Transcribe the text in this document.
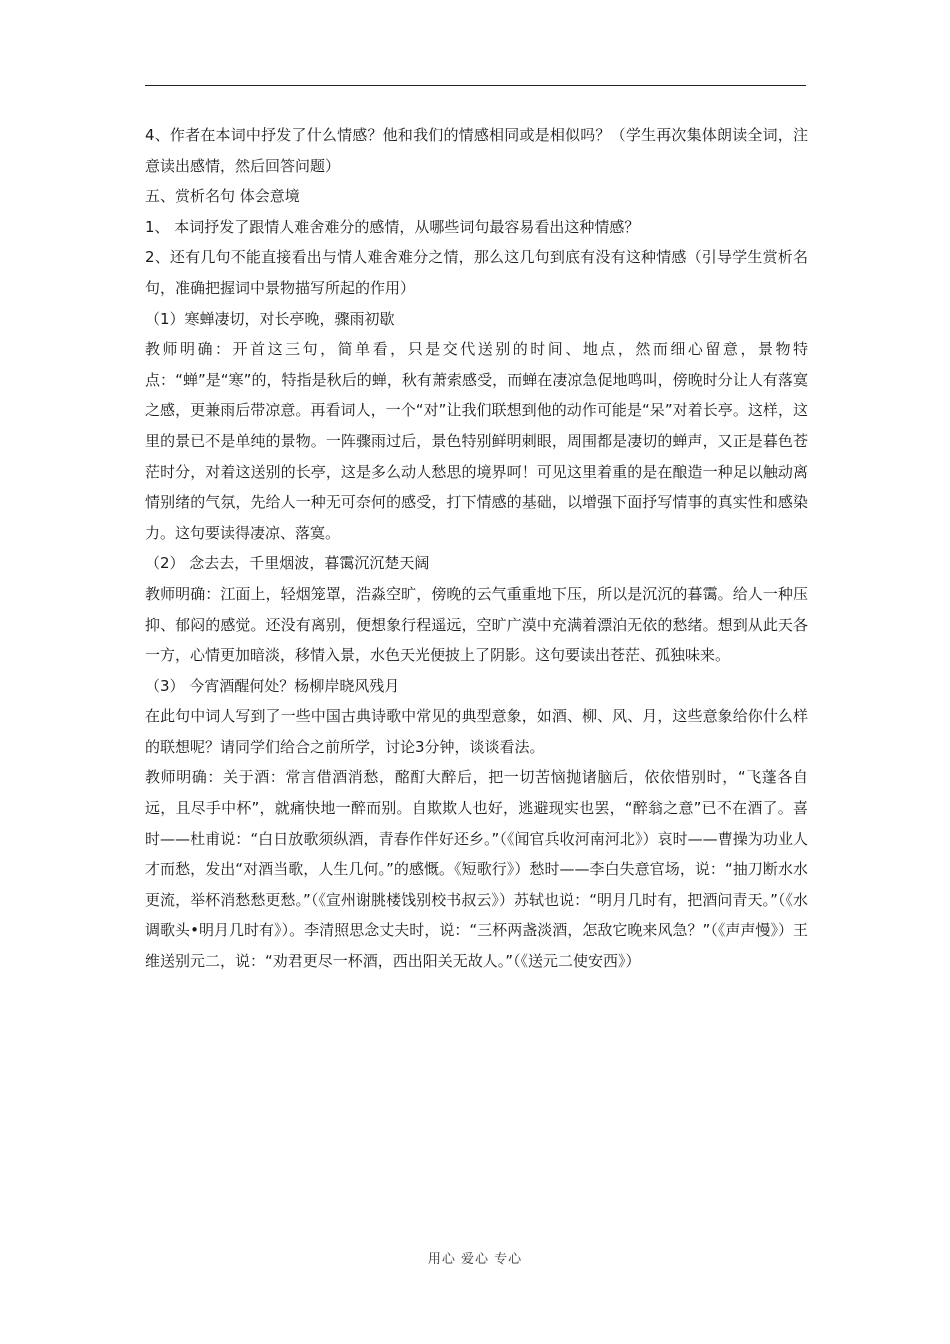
4、作者在本词中抒发了什么情感？他和我们的情感相同或是相似吗？（学生再次集体朗读全词，注意读出感情，然后回答问题）

五、赏析名句 体会意境

1、 本词抒发了跟情人难舍难分的感情，从哪些词句最容易看出这种情感？

2、还有几句不能直接看出与情人难舍难分之情，那么这几句到底有没有这种情感（引导学生赏析名句，准确把握词中景物描写所起的作用）

（1）寒蝉凄切，对长亭晚，骤雨初歇

教师明确：开首这三句，简单看，只是交代送别的时间、地点，然而细心留意，景物特点：“蝉”是“寒”的，特指是秋后的蝉，秋有萧索感受，而蝉在凄凉急促地鸣叫，傍晚时分让人有落寞之感，更兼雨后带凉意。再看词人，一个“对”让我们联想到他的动作可能是“呆”对着长亭。这样，这里的景已不是单纯的景物。一阵骤雨过后，景色特别鲜明刺眼，周围都是凄切的蝉声，又正是暮色苍茫时分，对着这送别的长亭，这是多么动人愁思的境界呵！可见这里着重的是在酿造一种足以触动离情别绪的气氛，先给人一种无可奈何的感受，打下情感的基础，以增强下面抒写情事的真实性和感染力。这句要读得凄凉、落寞。

（2） 念去去，千里烟波，暮霭沉沉楚天阔

教师明确：江面上，轻烟笼罩，浩淼空旷，傍晚的云气重重地下压，所以是沉沉的暮霭。给人一种压抑、郁闷的感觉。还没有离别，便想象行程遥远，空旷广漠中充满着漂泊无依的愁绪。想到从此天各一方，心情更加暗淡，移情入景，水色天光便披上了阴影。这句要读出苍茫、孤独味来。

（3） 今宵酒醒何处？杨柳岸晓风残月

在此句中词人写到了一些中国古典诗歌中常见的典型意象，如酒、柳、风、月，这些意象给你什么样的联想呢？请同学们给合之前所学，讨论3分钟，谈谈看法。

教师明确：关于酒：常言借酒消愁，酩酊大醉后，把一切苦恼抛诸脑后，依依惜别时，“飞蓬各自远，且尽手中杯”，就痛快地一醉而别。自欺欺人也好，逃避现实也罢，“醉翁之意”已不在酒了。喜时——杜甫说：“白日放歌须纵酒，青春作伴好还乡。”（《闻官兵收河南河北》）哀时——曹操为功业人才而愁，发出“对酒当歌，人生几何。”的感慨。《短歌行》）愁时——李白失意官场，说：“抽刀断水水更流，举杯消愁愁更愁。”（《宣州谢朓楼饯别校书叔云》）苏轼也说：“明月几时有，把酒问青天。”（《水调歌头•明月几时有》）。李清照思念丈夫时，说：“三杯两盏淡酒，怎敌它晚来风急？”（《声声慢》）王维送别元二，说：“劝君更尽一杯酒，西出阳关无故人。”（《送元二使安西》）

用心 爱心 专心
